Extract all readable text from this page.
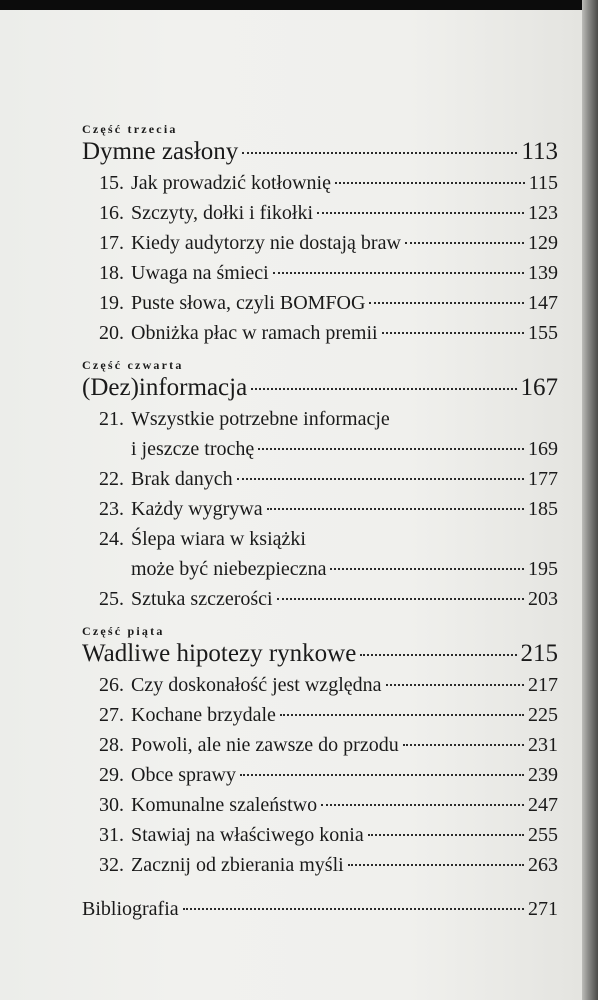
Część trzecia
Dymne zasłony	113
15. Jak prowadzić kotłownię	115
16. Szczyty, dołki i fikołki	123
17. Kiedy audytorzy nie dostają braw	129
18. Uwaga na śmieci	139
19. Puste słowa, czyli BOMFOG	147
20. Obniżka płac w ramach premii	155
Część czwarta
(Dez)informacja	167
21. Wszystkie potrzebne informacje
i jeszcze trochę	169
22. Brak danych	177
23. Każdy wygrywa	185
24. Ślepa wiara w książki
może być niebezpieczna	195
25. Sztuka szczerości	203
Część piąta
Wadliwe hipotezy rynkowe	215
26. Czy doskonałość jest względna	217
27. Kochane brzydale	225
28. Powoli, ale nie zawsze do przodu	231
29. Obce sprawy	239
30. Komunalne szaleństwo	247
31. Stawiaj na właściwego konia	255
32. Zacznij od zbierania myśli	263
Bibliografia	271
